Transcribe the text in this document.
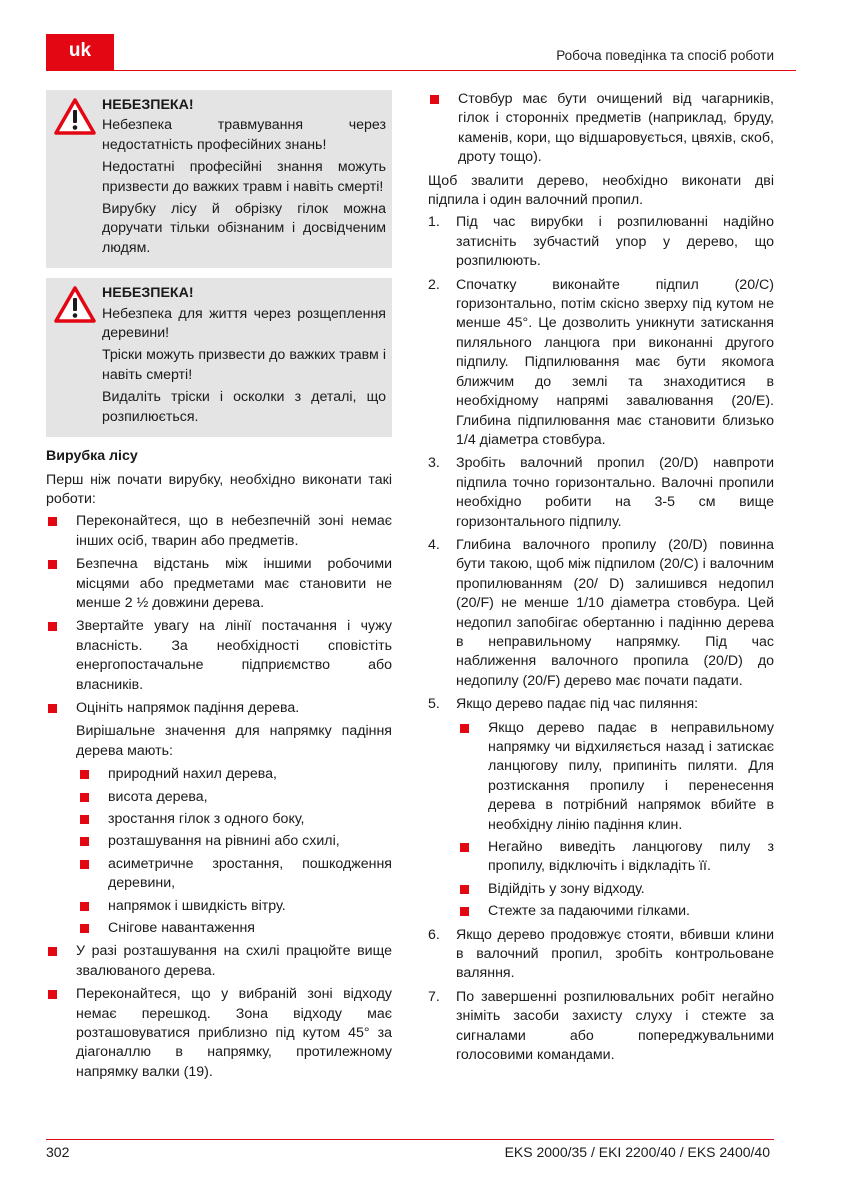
uk	Робоча поведінка та спосіб роботи
НЕБЕЗПЕКА!

Небезпека травмування через недостатність професійних знань!

Недостатні професійні знання можуть призвести до важких травм і навіть смерті!

Вирубку лісу й обрізку гілок можна доручати тільки обізнаним і досвідченим людям.

НЕБЕЗПЕКА!

Небезпека для життя через розщеплення деревини!

Тріски можуть призвести до важких травм і навіть смерті!

Видаліть тріски і осколки з деталі, що розпилюється.

Вирубка лісу

Перш ніж почати вирубку, необхідно виконати такі роботи:

Переконайтеся, що в небезпечній зоні немає інших осіб, тварин або предметів.
Безпечна відстань між іншими робочими місцями або предметами має становити не менше 2 ½ довжини дерева.
Звертайте увагу на лінії постачання і чужу власність. За необхідності сповістіть енергопостачальне підприємство або власників.
Оцініть напрямок падіння дерева.
Вирішальне значення для напрямку падіння дерева мають:
природний нахил дерева,
висота дерева,
зростання гілок з одного боку,
розташування на рівнині або схилі,
асиметричне зростання, пошкодження деревини,
напрямок і швидкість вітру.
Снігове навантаження
У разі розташування на схилі працюйте вище звалюваного дерева.
Переконайтеся, що у вибраній зоні відходу немає перешкод. Зона відходу має розташовуватися приблизно під кутом 45° за діагоналлю в напрямку, протилежному напрямку валки (19).
Стовбур має бути очищений від чагарників, гілок і сторонніх предметів (наприклад, бруду, каменів, кори, що відшаровується, цвяхів, скоб, дроту тощо).

Щоб звалити дерево, необхідно виконати дві підпила і один валочний пропил.

1. Під час вирубки і розпилюванні надійно затисніть зубчастий упор у дерево, що розпилюють.
2. Спочатку виконайте підпил (20/C) горизонтально, потім скісно зверху під кутом не менше 45°. Це дозволить уникнути затискання пиляльного ланцюга при виконанні другого підпилу. Підпилювання має бути якомога ближчим до землі та знаходитися в необхідному напрямі завалювання (20/E). Глибина підпилювання має становити близько 1/4 діаметра стовбура.
3. Зробіть валочний пропил (20/D) навпроти підпила точно горизонтально. Валочні пропили необхідно робити на 3-5 см вище горизонтального підпилу.
4. Глибина валочного пропилу (20/D) повинна бути такою, щоб між підпилом (20/C) і валочним пропилюванням (20/ D) залишився недопил (20/F) не менше 1/10 діаметра стовбура. Цей недопил запобігає обертанню і падінню дерева в неправильному напрямку. Під час наближення валочного пропила (20/D) до недопилу (20/F) дерево має почати падати.
5. Якщо дерево падає під час пиляння:
Якщо дерево падає в неправильному напрямку чи відхиляється назад і затискає ланцюгову пилу, припиніть пиляти. Для розтискання пропилу і перенесення дерева в потрібний напрямок вбийте в необхідну лінію падіння клин.
Негайно виведіть ланцюгову пилу з пропилу, відключіть і відкладіть її.
Відійдіть у зону відходу.
Стежте за падаючими гілками.
6. Якщо дерево продовжує стояти, вбивши клини в валочний пропил, зробіть контрольоване валяння.
7. По завершенні розпилювальних робіт негайно зніміть засоби захисту слуху і стежте за сигналами або попереджувальними голосовими командами.
302	EKS 2000/35 / EKI 2200/40 / EKS 2400/40
